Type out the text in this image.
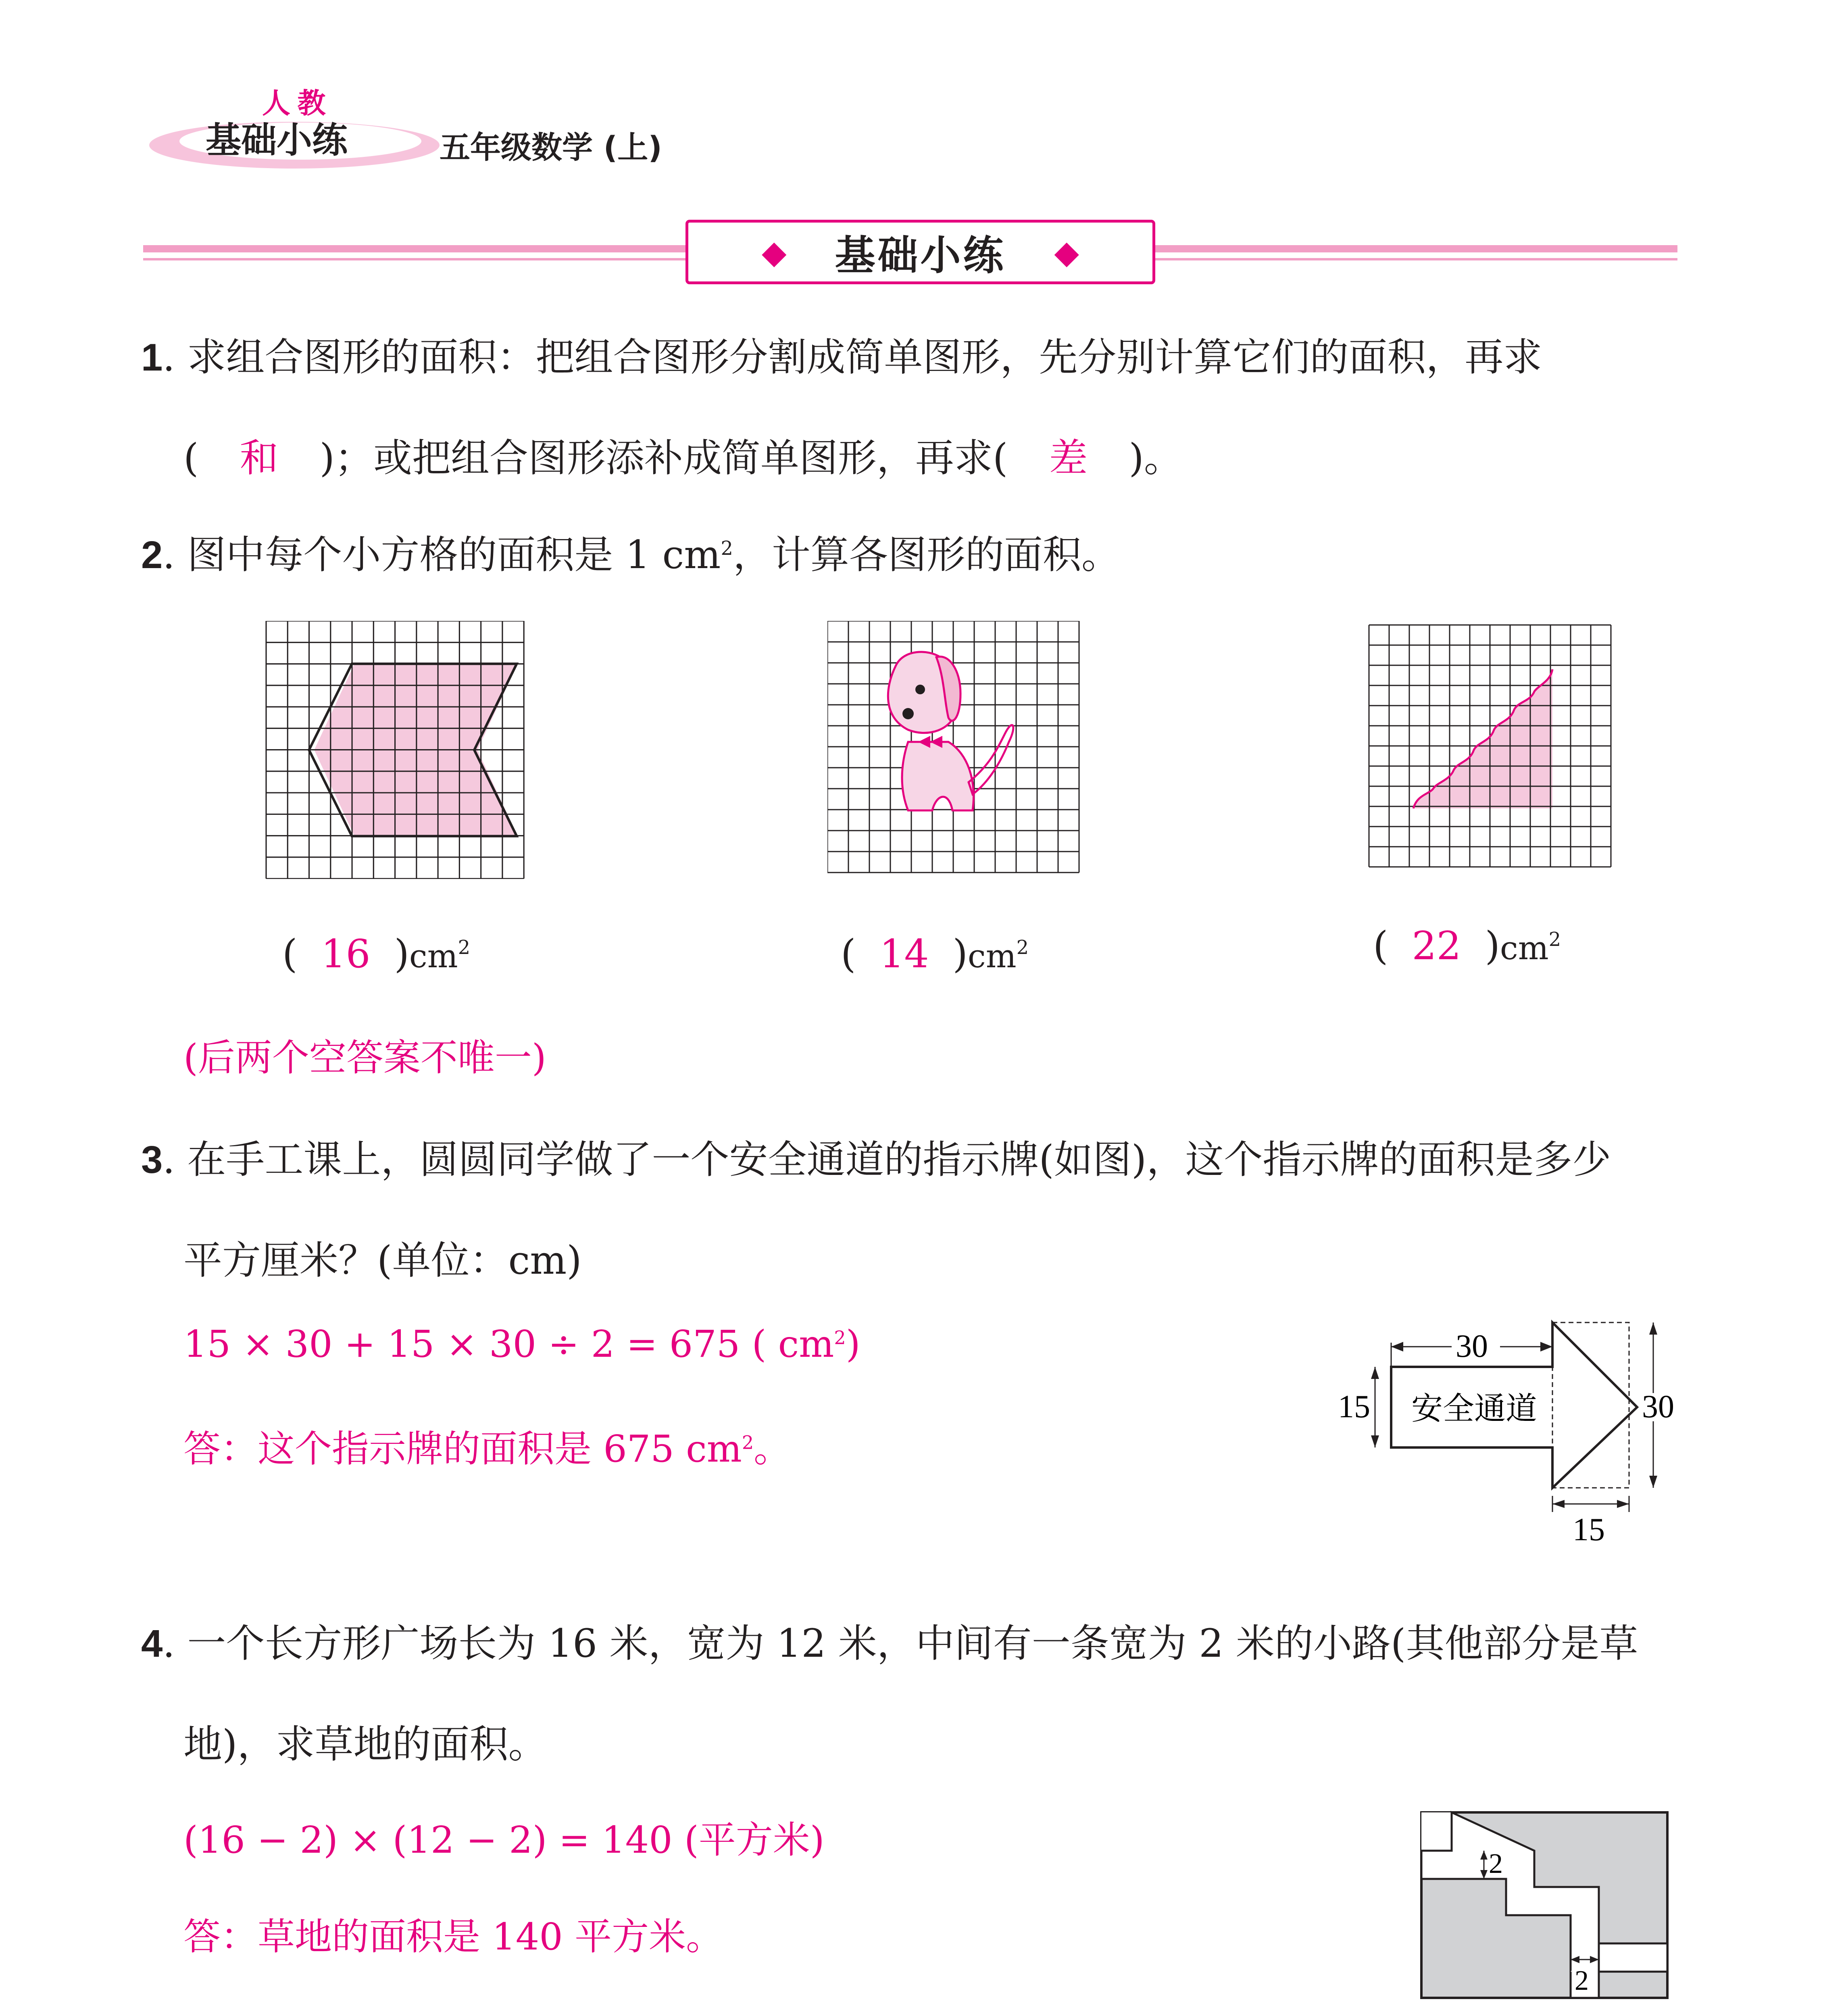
人 教
基础小练	五年级数学 (上)
◆ 基础小练 ◆
1. 求组合图形的面积：把组合图形分割成简单图形，先分别计算它们的面积，再求
( 和 )；或把组合图形添补成简单图形，再求( 差 )。
2. 图中每个小方格的面积是 1 $cm^2$，计算各图形的面积。
( 16 )$cm^2$	( 14 )$cm^2$	( 22 )$cm^2$
(后两个空答案不唯一)
3. 在手工课上，圆圆同学做了一个安全通道的指示牌(如图)，这个指示牌的面积是多少
平方厘米？(单位：cm)
15 × 30 + 15 × 30 ÷ 2 = 675 ( $cm^2$)
答：这个指示牌的面积是 675 $cm^2$。
30
15 安全通道	30
15
4. 一个长方形广场长为 16 米，宽为 12 米，中间有一条宽为 2 米的小路(其他部分是草
地)，求草地的面积。
(16 − 2) × (12 − 2) = 140 (平方米)
答：草地的面积是 140 平方米。
2
2
